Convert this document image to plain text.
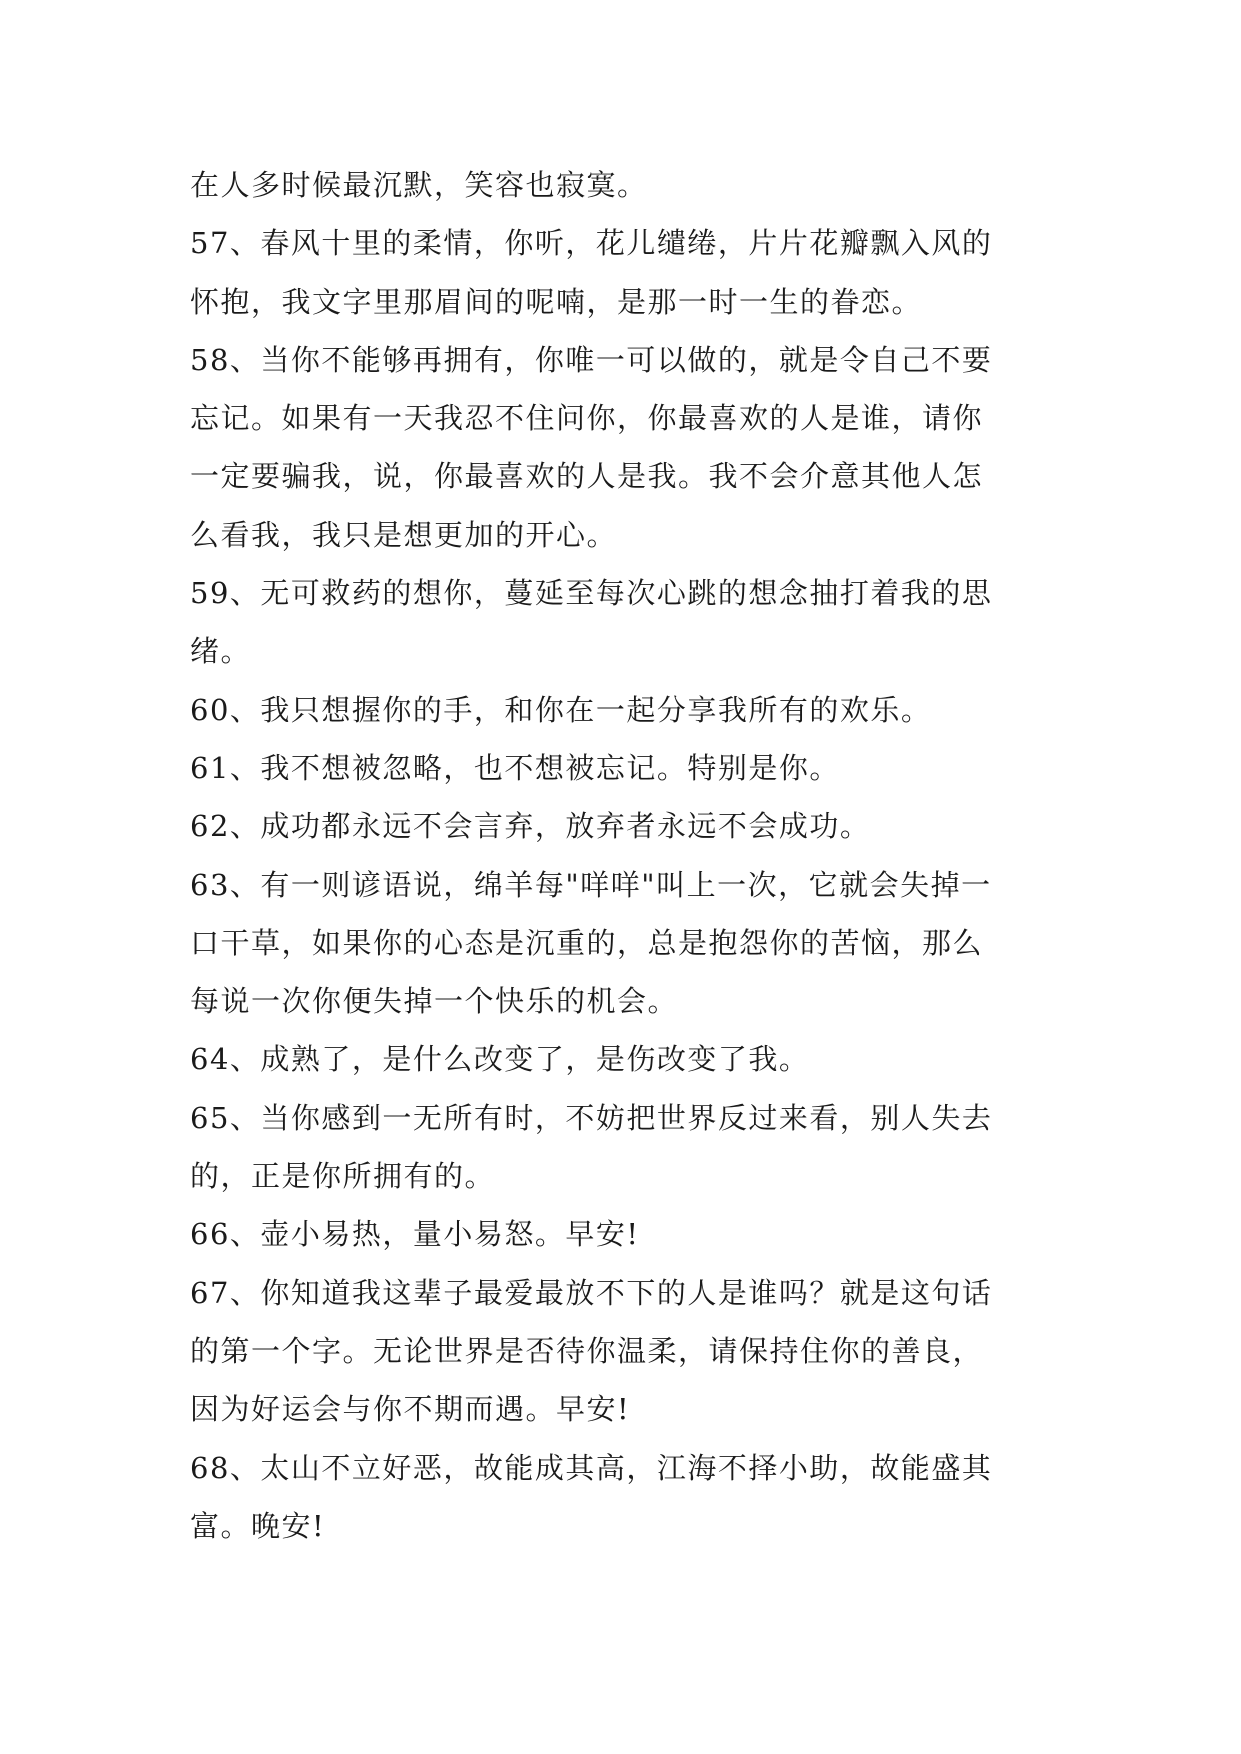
在人多时候最沉默，笑容也寂寞。
57、春风十里的柔情，你听，花儿缱绻，片片花瓣飘入风的
怀抱，我文字里那眉间的呢喃，是那一时一生的眷恋。
58、当你不能够再拥有，你唯一可以做的，就是令自己不要
忘记。如果有一天我忍不住问你，你最喜欢的人是谁，请你
一定要骗我，说，你最喜欢的人是我。我不会介意其他人怎
么看我，我只是想更加的开心。
59、无可救药的想你，蔓延至每次心跳的想念抽打着我的思
绪。
60、我只想握你的手，和你在一起分享我所有的欢乐。
61、我不想被忽略，也不想被忘记。特别是你。
62、成功都永远不会言弃，放弃者永远不会成功。
63、有一则谚语说，绵羊每"咩咩"叫上一次，它就会失掉一
口干草，如果你的心态是沉重的，总是抱怨你的苦恼，那么
每说一次你便失掉一个快乐的机会。
64、成熟了，是什么改变了，是伤改变了我。
65、当你感到一无所有时，不妨把世界反过来看，别人失去
的，正是你所拥有的。
66、壶小易热，量小易怒。早安!
67、你知道我这辈子最爱最放不下的人是谁吗？就是这句话
的第一个字。无论世界是否待你温柔，请保持住你的善良，
因为好运会与你不期而遇。早安!
68、太山不立好恶，故能成其高，江海不择小助，故能盛其
富。晚安!
